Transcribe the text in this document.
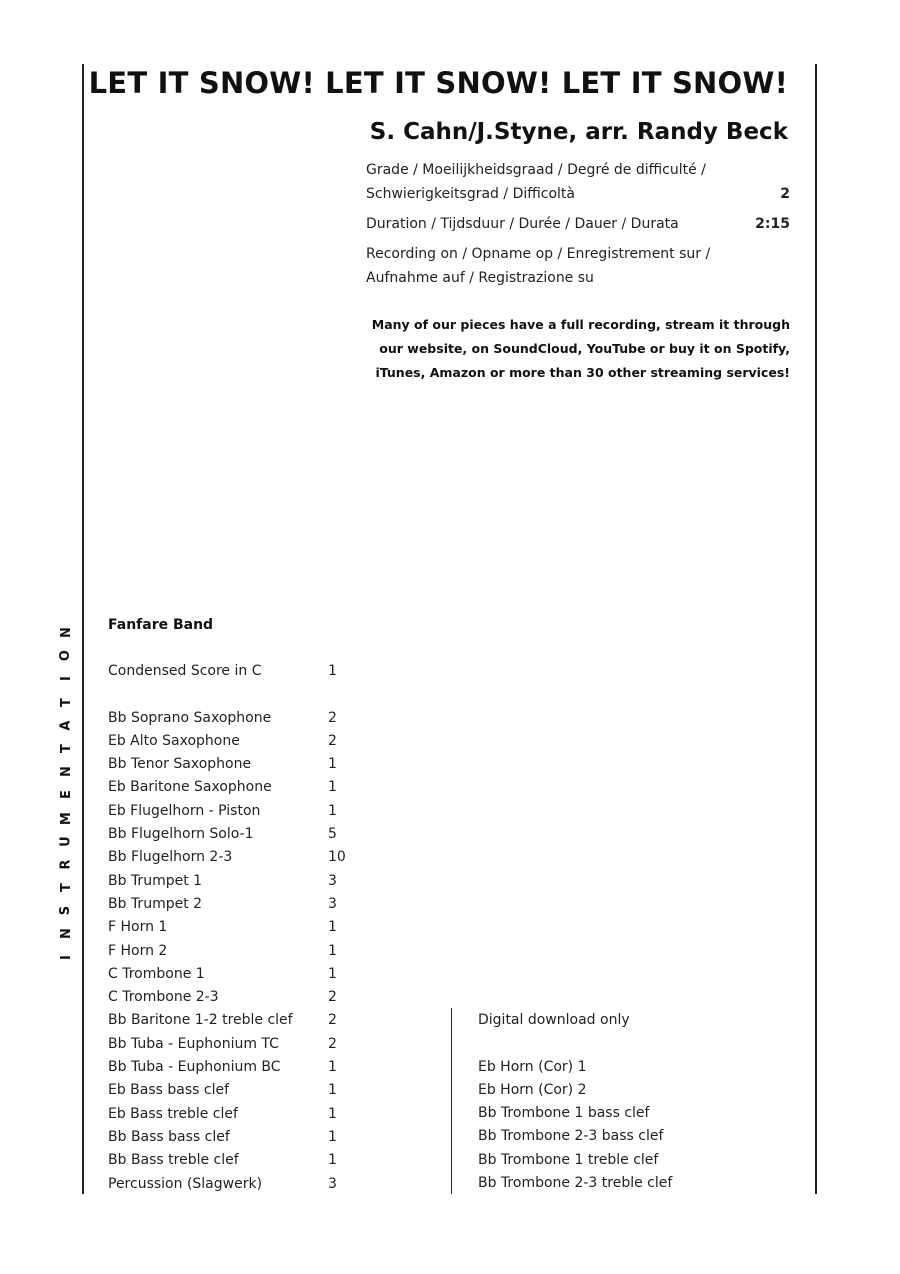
LET IT SNOW! LET IT SNOW! LET IT SNOW!
S. Cahn/J.Styne, arr. Randy Beck
Grade / Moeilijkheidsgraad / Degré de difficulté /
Schwierigkeitsgrad / Difficoltà	2
Duration / Tijdsduur / Durée / Dauer / Durata	2:15
Recording on / Opname op / Enregistrement sur /
Aufnahme auf / Registrazione su
Many of our pieces have a full recording, stream it through
our website, on SoundCloud, YouTube or buy it on Spotify,
iTunes, Amazon or more than 30 other streaming services!
N
O
I
T
A
T
N
E
M
U
R
T
S
N
I
Fanfare Band
Condensed Score in C	1
Bb Soprano Saxophone	2
Eb Alto Saxophone	2
Bb Tenor Saxophone	1
Eb Baritone Saxophone	1
Eb Flugelhorn - Piston	1
Bb Flugelhorn Solo-1	5
Bb Flugelhorn 2-3	10
Bb Trumpet 1	3
Bb Trumpet 2	3
F Horn 1	1
F Horn 2	1
C Trombone 1	1
C Trombone 2-3	2
Bb Baritone 1-2 treble clef	2
Bb Tuba - Euphonium TC	2
Bb Tuba - Euphonium BC	1
Eb Bass bass clef	1
Eb Bass treble clef	1
Bb Bass bass clef	1
Bb Bass treble clef	1
Percussion (Slagwerk)	3
Digital download only
Eb Horn (Cor) 1
Eb Horn (Cor) 2
Bb Trombone 1 bass clef
Bb Trombone 2-3 bass clef
Bb Trombone 1 treble clef
Bb Trombone 2-3 treble clef
